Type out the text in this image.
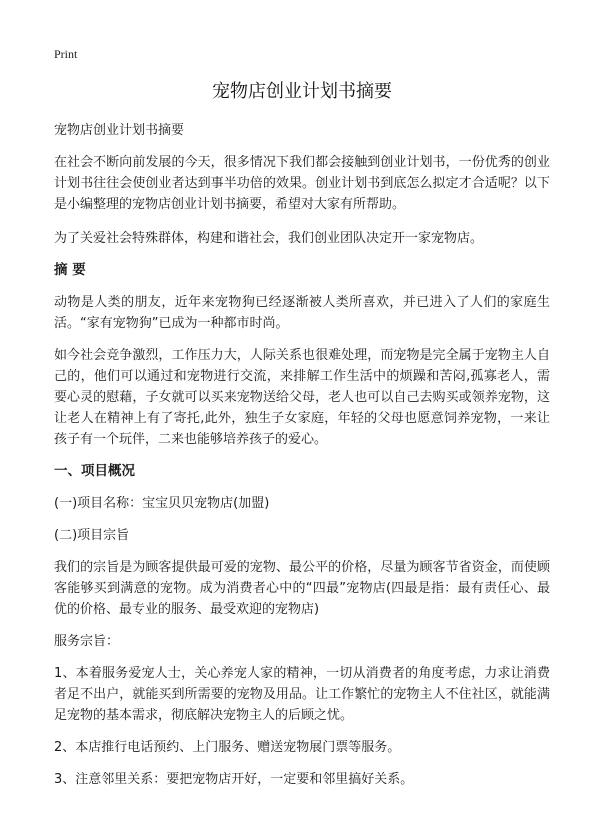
Print
宠物店创业计划书摘要

宠物店创业计划书摘要

在社会不断向前发展的今天，很多情况下我们都会接触到创业计划书，一份优秀的创业计划书往往会使创业者达到事半功倍的效果。创业计划书到底怎么拟定才合适呢？以下是小编整理的宠物店创业计划书摘要，希望对大家有所帮助。

为了关爱社会特殊群体，构建和谐社会，我们创业团队决定开一家宠物店。

摘 要

动物是人类的朋友，近年来宠物狗已经逐渐被人类所喜欢，并已进入了人们的家庭生活。“家有宠物狗”已成为一种都市时尚。

如今社会竞争激烈，工作压力大，人际关系也很难处理，而宠物是完全属于宠物主人自己的，他们可以通过和宠物进行交流，来排解工作生活中的烦躁和苦闷,孤寡老人，需要心灵的慰藉，子女就可以买来宠物送给父母，老人也可以自己去购买或领养宠物，这让老人在精神上有了寄托,此外，独生子女家庭，年轻的父母也愿意饲养宠物，一来让孩子有一个玩伴，二来也能够培养孩子的爱心。

一、项目概况

(一)项目名称：宝宝贝贝宠物店(加盟)

(二)项目宗旨

我们的宗旨是为顾客提供最可爱的宠物、最公平的价格，尽量为顾客节省资金，而使顾客能够买到满意的宠物。成为消费者心中的“四最”宠物店(四最是指：最有责任心、最优的价格、最专业的服务、最受欢迎的宠物店)

服务宗旨：

1、本着服务爱宠人士，关心养宠人家的精神，一切从消费者的角度考虑，力求让消费者足不出户，就能买到所需要的宠物及用品。让工作繁忙的宠物主人不住社区，就能满足宠物的基本需求，彻底解决宠物主人的后顾之忧。

2、本店推行电话预约、上门服务、赠送宠物展门票等服务。

3、注意邻里关系：要把宠物店开好，一定要和邻里搞好关系。
